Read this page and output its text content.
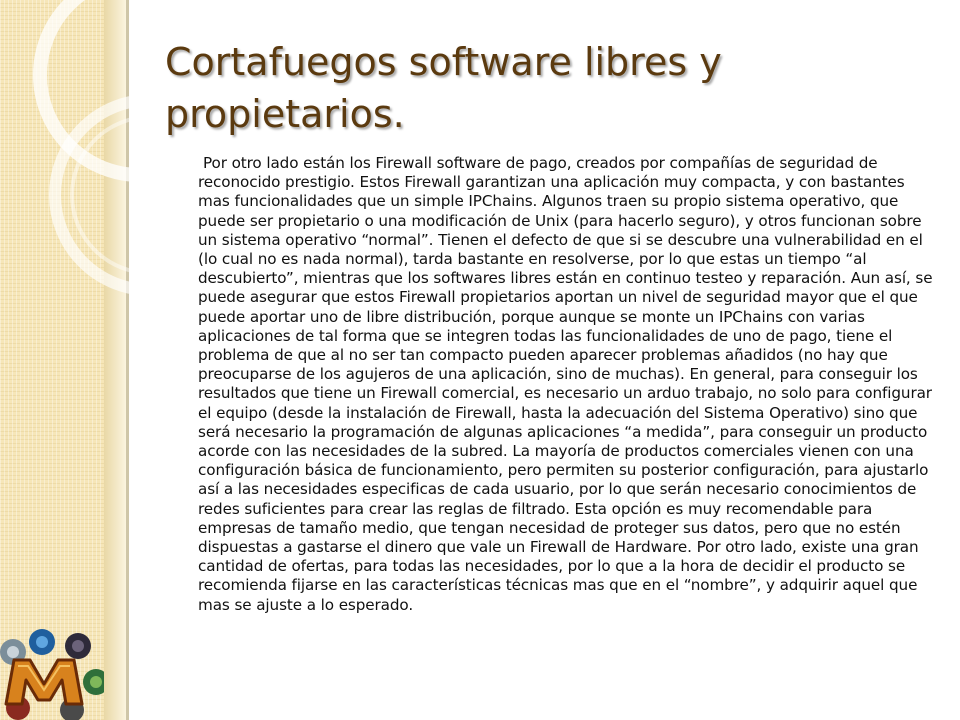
Cortafuegos software libres y propietarios.

Por otro lado están los Firewall software de pago, creados por compañías de seguridad de reconocido prestigio. Estos Firewall garantizan una aplicación muy compacta, y con bastantes mas funcionalidades que un simple IPChains. Algunos traen su propio sistema operativo, que puede ser propietario o una modificación de Unix (para hacerlo seguro), y otros funcionan sobre un sistema operativo “normal”. Tienen el defecto de que si se descubre una vulnerabilidad en el (lo cual no es nada normal), tarda bastante en resolverse, por lo que estas un tiempo “al descubierto”, mientras que los softwares libres están en continuo testeo y reparación. Aun así, se puede asegurar que estos Firewall propietarios aportan un nivel de seguridad mayor que el que puede aportar uno de libre distribución, porque aunque se monte un IPChains con varias aplicaciones de tal forma que se integren todas las funcionalidades de uno de pago, tiene el problema de que al no ser tan compacto pueden aparecer problemas añadidos (no hay que preocuparse de los agujeros de una aplicación, sino de muchas). En general, para conseguir los resultados que tiene un Firewall comercial, es necesario un arduo trabajo, no solo para configurar el equipo (desde la instalación de Firewall, hasta la adecuación del Sistema Operativo) sino que será necesario la programación de algunas aplicaciones “a medida”, para conseguir un producto acorde con las necesidades de la subred. La mayoría de productos comerciales vienen con una configuración básica de funcionamiento, pero permiten su posterior configuración, para ajustarlo así a las necesidades especificas de cada usuario, por lo que serán necesario conocimientos de redes suficientes para crear las reglas de filtrado. Esta opción es muy recomendable para empresas de tamaño medio, que tengan necesidad de proteger sus datos, pero que no estén dispuestas a gastarse el dinero que vale un Firewall de Hardware. Por otro lado, existe una gran cantidad de ofertas, para todas las necesidades, por lo que a la hora de decidir el producto se recomienda fijarse en las características técnicas mas que en el “nombre”, y adquirir aquel que mas se ajuste a lo esperado.
